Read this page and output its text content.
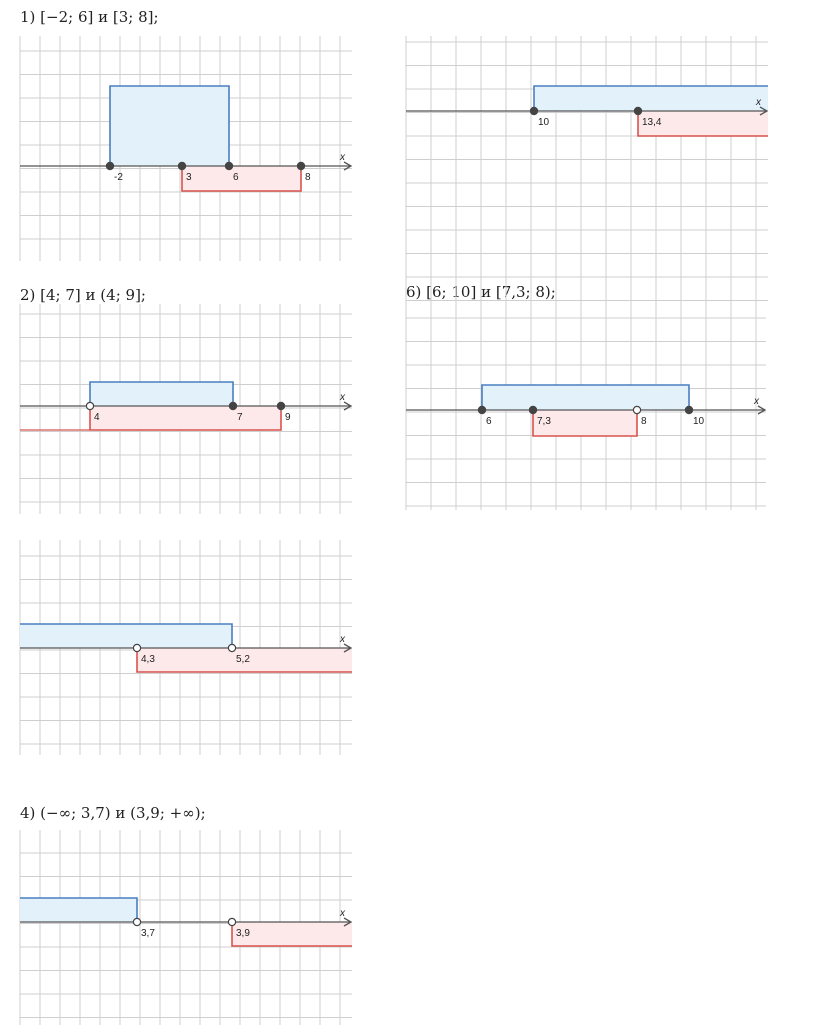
1) [−2; 6] и [3; 8];

2) [4; 7] и (4; 9];	6) [6; 10] и [7,3; 8);

4) (−∞; 3,7) и (3,9; +∞);

x
-2	3	6	8
x
10	13,4
x
4	7	9
x
6	7,3	8	10
x
4,3	5,2
x
3,7	3,9
